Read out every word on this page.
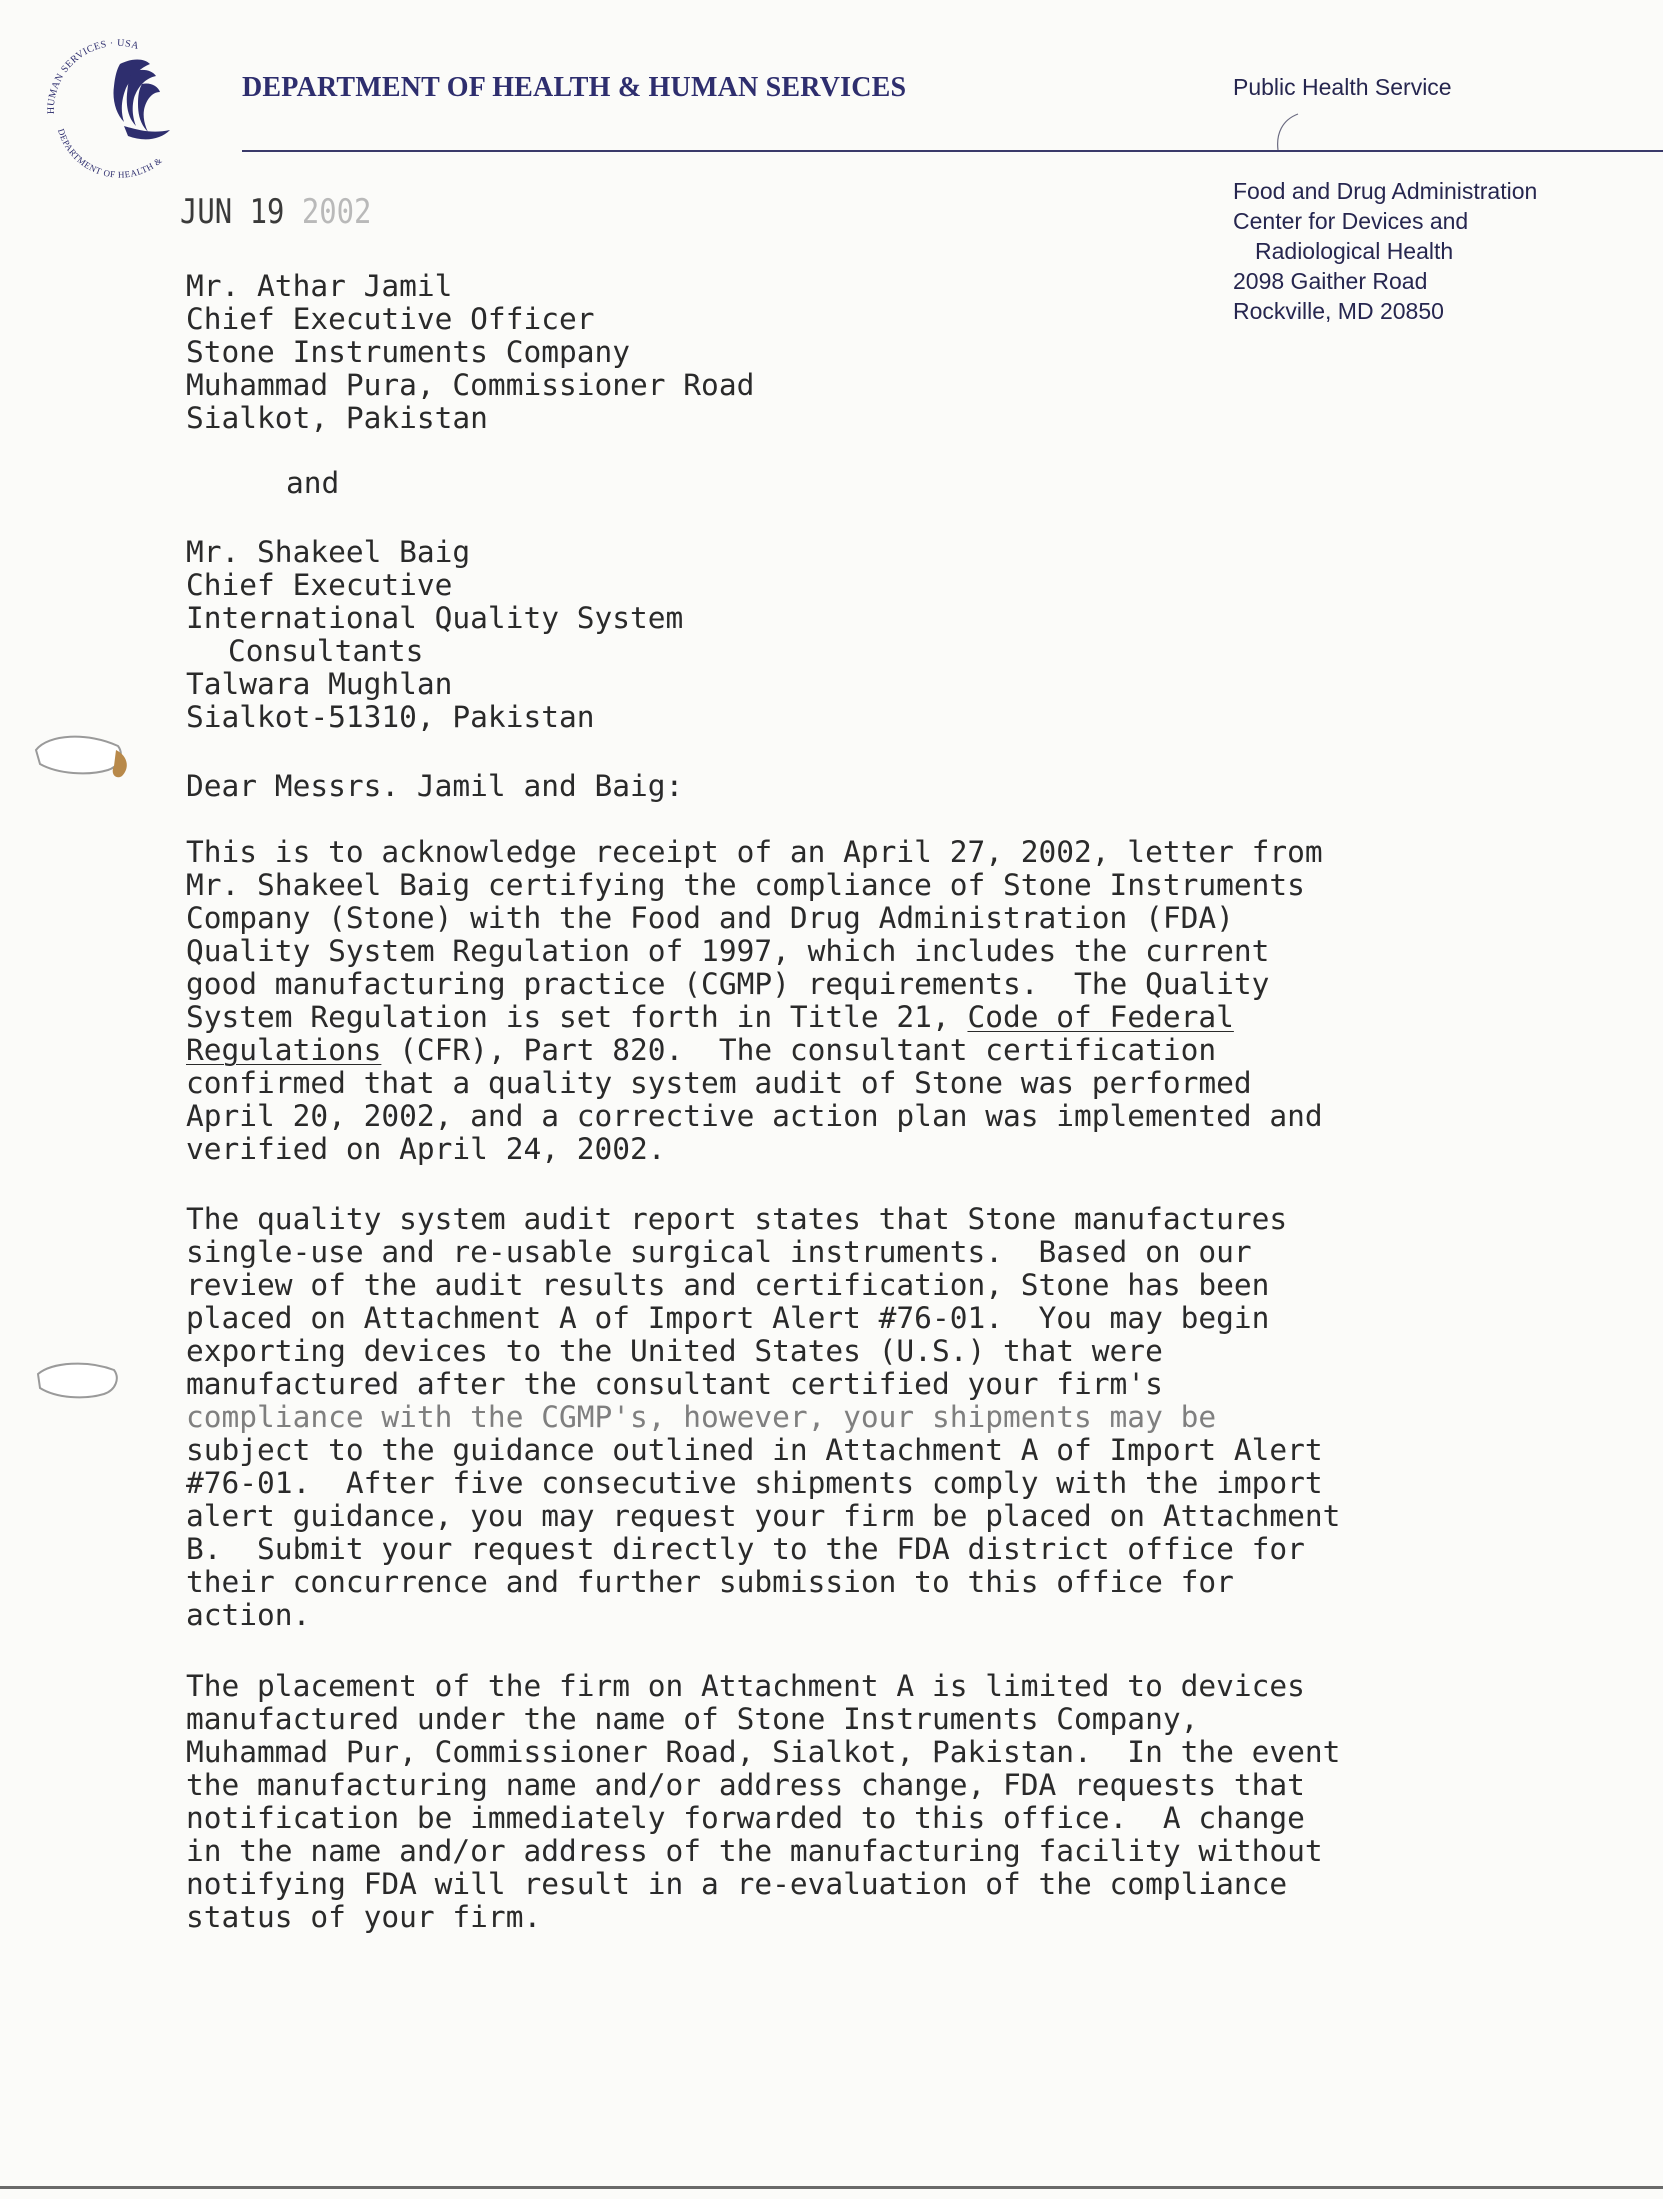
HUMAN SERVICES · USA
DEPARTMENT OF HEALTH &
DEPARTMENT OF HEALTH & HUMAN SERVICES	Public Health Service
Food and Drug Administration
Center for Devices and
Radiological Health
2098 Gaither Road
Rockville, MD 20850
JUN 19 2002
Mr. Athar Jamil
Chief Executive Officer
Stone Instruments Company
Muhammad Pura, Commissioner Road
Sialkot, Pakistan
and
Mr. Shakeel Baig
Chief Executive
International Quality System
Consultants
Talwara Mughlan
Sialkot-51310, Pakistan
Dear Messrs. Jamil and Baig:
This is to acknowledge receipt of an April 27, 2002, letter from
Mr. Shakeel Baig certifying the compliance of Stone Instruments
Company (Stone) with the Food and Drug Administration (FDA)
Quality System Regulation of 1997, which includes the current
good manufacturing practice (CGMP) requirements.  The Quality
System Regulation is set forth in Title 21, Code of Federal
Regulations (CFR), Part 820.  The consultant certification
confirmed that a quality system audit of Stone was performed
April 20, 2002, and a corrective action plan was implemented and
verified on April 24, 2002.
The quality system audit report states that Stone manufactures
single-use and re-usable surgical instruments.  Based on our
review of the audit results and certification, Stone has been
placed on Attachment A of Import Alert #76-01.  You may begin
exporting devices to the United States (U.S.) that were
manufactured after the consultant certified your firm's
compliance with the CGMP's, however, your shipments may be
subject to the guidance outlined in Attachment A of Import Alert
#76-01.  After five consecutive shipments comply with the import
alert guidance, you may request your firm be placed on Attachment
B.  Submit your request directly to the FDA district office for
their concurrence and further submission to this office for
action.
The placement of the firm on Attachment A is limited to devices
manufactured under the name of Stone Instruments Company,
Muhammad Pur, Commissioner Road, Sialkot, Pakistan.  In the event
the manufacturing name and/or address change, FDA requests that
notification be immediately forwarded to this office.  A change
in the name and/or address of the manufacturing facility without
notifying FDA will result in a re-evaluation of the compliance
status of your firm.
